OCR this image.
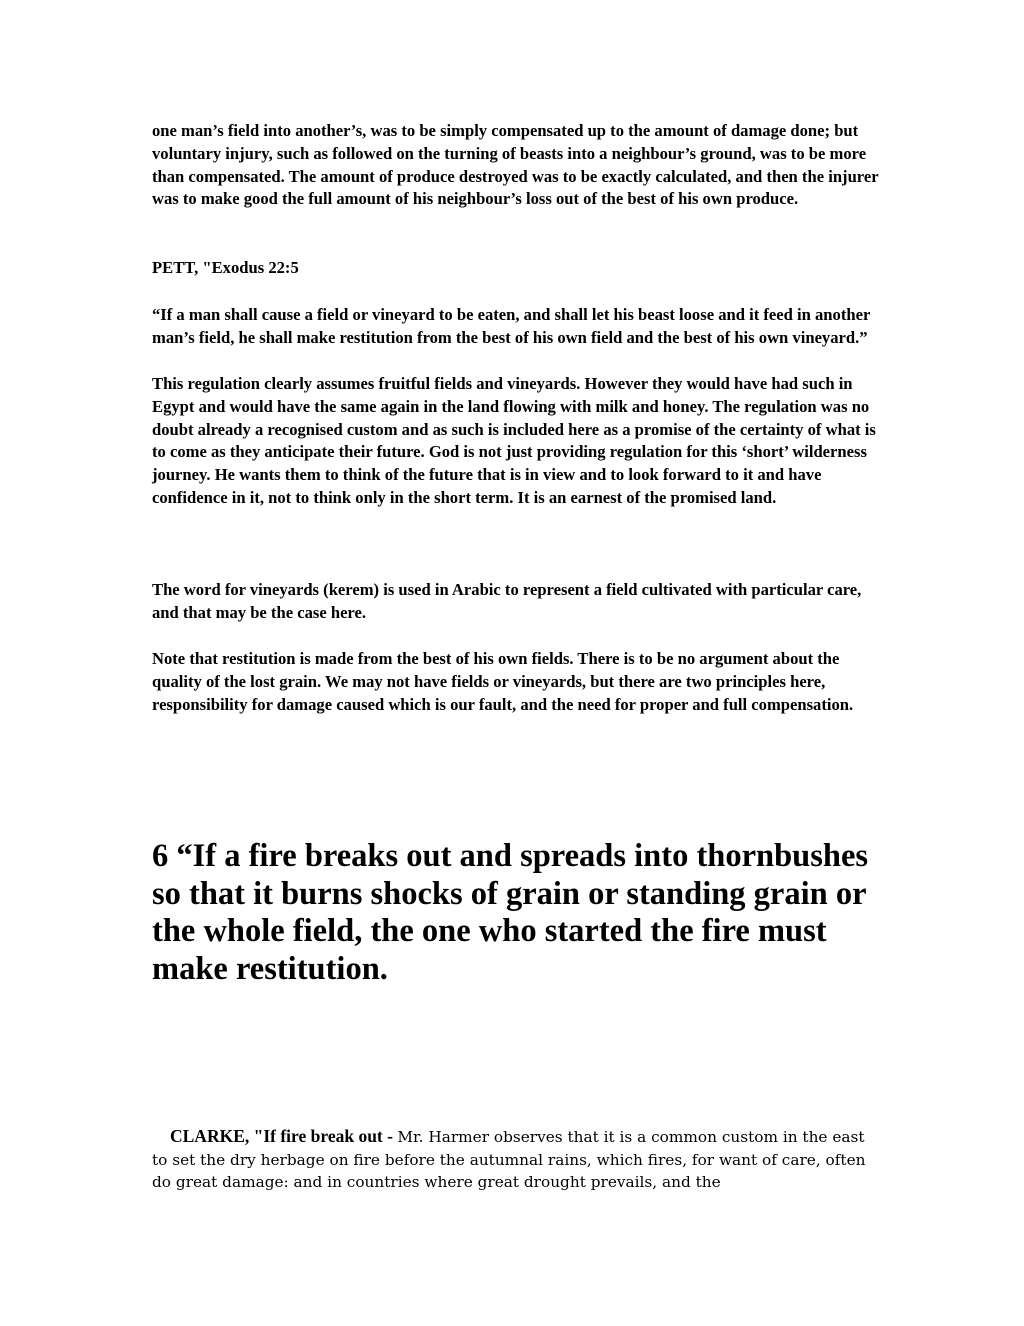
one man’s field into another’s, was to be simply compensated up to the amount of damage done; but voluntary injury, such as followed on the turning of beasts into a neighbour’s ground, was to be more than compensated. The amount of produce destroyed was to be exactly calculated, and then the injurer was to make good the full amount of his neighbour’s loss out of the best of his own produce.

PETT, "Exodus 22:5

“If a man shall cause a field or vineyard to be eaten, and shall let his beast loose and it feed in another man’s field, he shall make restitution from the best of his own field and the best of his own vineyard.”

This regulation clearly assumes fruitful fields and vineyards. However they would have had such in Egypt and would have the same again in the land flowing with milk and honey. The regulation was no doubt already a recognised custom and as such is included here as a promise of the certainty of what is to come as they anticipate their future. God is not just providing regulation for this ‘short’ wilderness journey. He wants them to think of the future that is in view and to look forward to it and have confidence in it, not to think only in the short term. It is an earnest of the promised land.

The word for vineyards (kerem) is used in Arabic to represent a field cultivated with particular care, and that may be the case here.

Note that restitution is made from the best of his own fields. There is to be no argument about the quality of the lost grain. We may not have fields or vineyards, but there are two principles here, responsibility for damage caused which is our fault, and the need for proper and full compensation.

6 “If a fire breaks out and spreads into thornbushes so that it burns shocks of grain or standing grain or the whole field, the one who started the fire must make restitution.

CLARKE, "If fire break out - Mr. Harmer observes that it is a common custom in the east to set the dry herbage on fire before the autumnal rains, which fires, for want of care, often do great damage: and in countries where great drought prevails, and the
